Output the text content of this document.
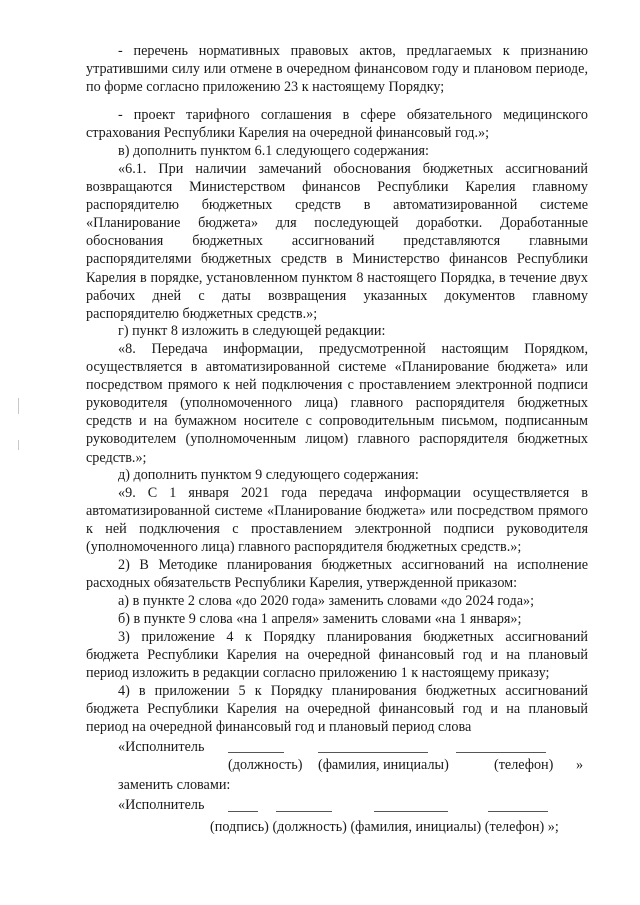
- перечень нормативных правовых актов, предлагаемых к признанию утратившими силу или отмене в очередном финансовом году и плановом периоде, по форме согласно приложению 23 к настоящему Порядку;

- проект тарифного соглашения в сфере обязательного медицинского страхования Республики Карелия на очередной финансовый год.»;

в) дополнить пунктом 6.1 следующего содержания:

«6.1. При наличии замечаний обоснования бюджетных ассигнований возвращаются Министерством финансов Республики Карелия главному распорядителю бюджетных средств в автоматизированной системе «Планирование бюджета» для последующей доработки. Доработанные обоснования бюджетных ассигнований представляются главными распорядителями бюджетных средств в Министерство финансов Республики Карелия в порядке, установленном пунктом 8 настоящего Порядка, в течение двух рабочих дней с даты возвращения указанных документов главному распорядителю бюджетных средств.»;

г) пункт 8 изложить в следующей редакции:

«8. Передача информации, предусмотренной настоящим Порядком, осуществляется в автоматизированной системе «Планирование бюджета» или посредством прямого к ней подключения с проставлением электронной подписи руководителя (уполномоченного лица) главного распорядителя бюджетных средств и на бумажном носителе с сопроводительным письмом, подписанным руководителем (уполномоченным лицом) главного распорядителя бюджетных средств.»;

д) дополнить пунктом 9 следующего содержания:

«9. С 1 января 2021 года передача информации осуществляется в автоматизированной системе «Планирование бюджета» или посредством прямого к ней подключения с проставлением электронной подписи руководителя (уполномоченного лица) главного распорядителя бюджетных средств.»;

2) В Методике планирования бюджетных ассигнований на исполнение расходных обязательств Республики Карелия, утвержденной приказом:

а) в пункте 2 слова «до 2020 года» заменить словами «до 2024 года»;

б) в пункте 9 слова «на 1 апреля» заменить словами «на 1 января»;

3) приложение 4 к Порядку планирования бюджетных ассигнований бюджета Республики Карелия на очередной финансовый год и на плановый период изложить в редакции согласно приложению 1 к настоящему приказу;

4) в приложении 5 к Порядку планирования бюджетных ассигнований бюджета Республики Карелия на очередной финансовый год и на плановый период на очередной финансовый год и плановый период слова

«Исполнитель
(должность) (фамилия, инициалы)	(телефон) »
заменить словами:
«Исполнитель
(подпись) (должность) (фамилия, инициалы) (телефон) »;
